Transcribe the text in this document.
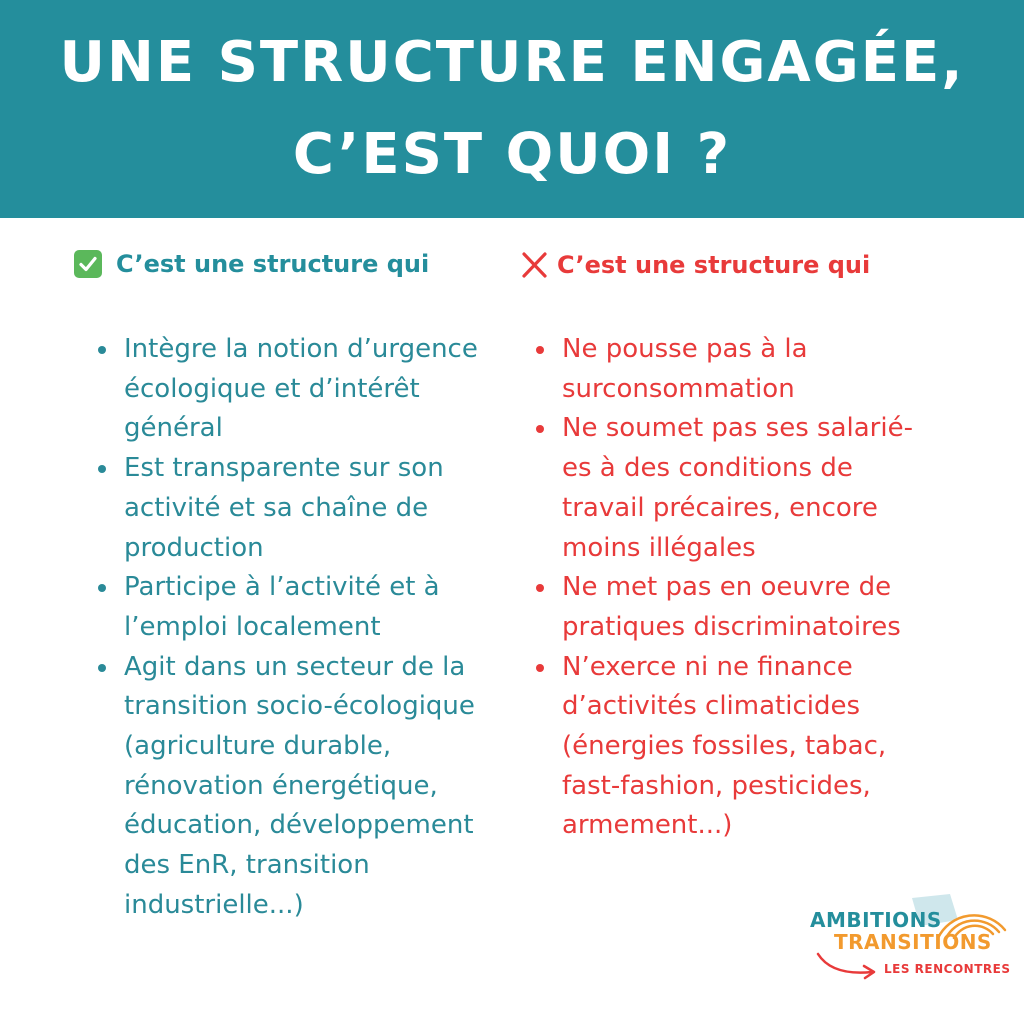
UNE STRUCTURE ENGAGÉE,
C’EST QUOI ?
C’est une structure qui	C’est une structure qui
Intègre la notion d’urgence écologique et d’intérêt général
Est transparente sur son activité et sa chaîne de production
Participe à l’activité et à l’emploi localement
Agit dans un secteur de la transition socio-écologique (agriculture durable, rénovation énergétique, éducation, développement des EnR, transition industrielle...)
Ne pousse pas à la surconsommation
Ne soumet pas ses salarié-es à des conditions de travail précaires, encore moins illégales
Ne met pas en oeuvre de pratiques discriminatoires
N’exerce ni ne finance d’activités climaticides (énergies fossiles, tabac, fast-fashion, pesticides, armement...)
AMBITIONS
TRANSITIONS
LES RENCONTRES
